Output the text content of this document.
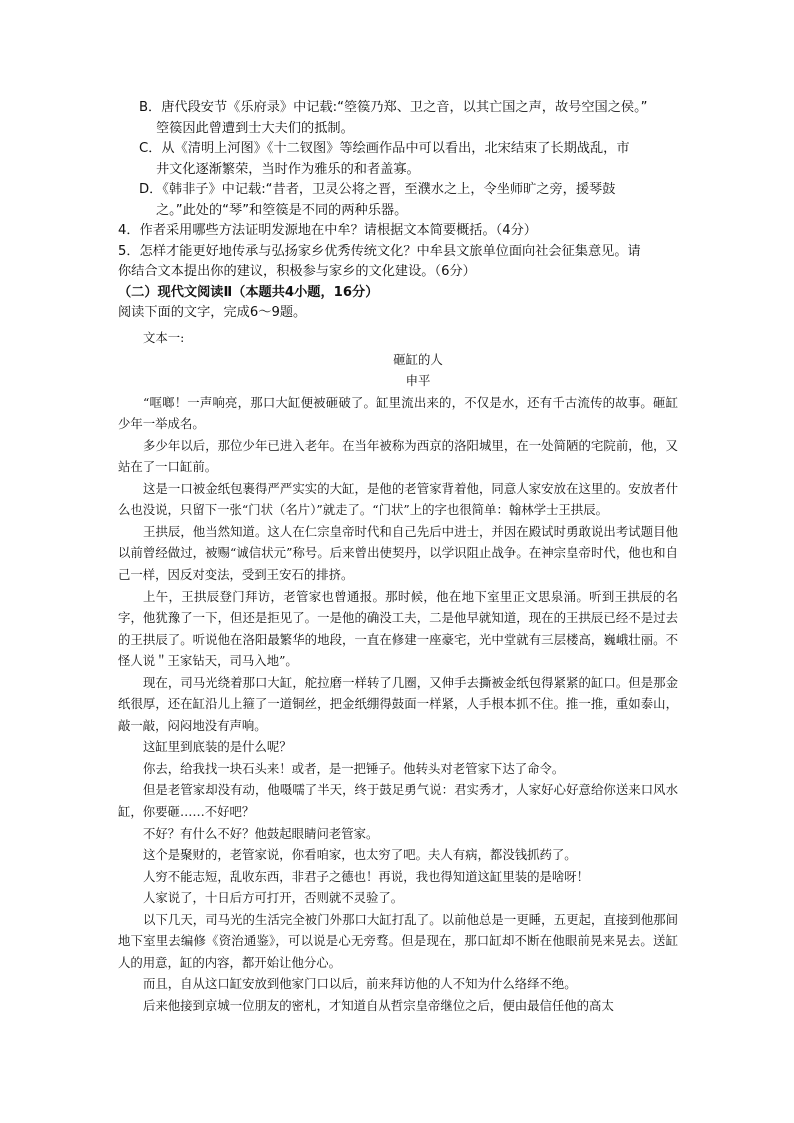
B．唐代段安节《乐府录》中记载:“箜篌乃郑、卫之音，以其亡国之声，故号空国之侯。”

箜篌因此曾遭到士大夫们的抵制。

C．从《清明上河图》《十二钗图》等绘画作品中可以看出，北宋结束了长期战乱，市

井文化逐渐繁荣，当时作为雅乐的和者盖寡。

D．《韩非子》中记载:“昔者，卫灵公将之晋，至濮水之上，令坐师旷之旁，援琴鼓

之。”此处的“琴”和箜篌是不同的两种乐器。

4．作者采用哪些方法证明发源地在中牟？请根据文本简要概括。（4分）

5．怎样才能更好地传承与弘扬家乡优秀传统文化？中牟县文旅单位面向社会征集意见。请

你结合文本提出你的建议，积极参与家乡的文化建设。（6分）

（二）现代文阅读Ⅱ（本题共4小题，16分）

阅读下面的文字，完成6～9题。

文本一:

砸缸的人

申平

“哐啷！一声响亮，那口大缸便被砸破了。缸里流出来的，不仅是水，还有千古流传的故事。砸缸少年一举成名。

多少年以后，那位少年已进入老年。在当年被称为西京的洛阳城里，在一处简陋的宅院前，他，又站在了一口缸前。

这是一口被金纸包裹得严严实实的大缸，是他的老管家背着他，同意人家安放在这里的。安放者什么也没说，只留下一张“门状（名片）”就走了。“门状”上的字也很简单：翰林学士王拱辰。

王拱辰，他当然知道。这人在仁宗皇帝时代和自己先后中进士，并因在殿试时勇敢说出考试题目他以前曾经做过，被赐“诚信状元”称号。后来曾出使契丹，以学识阻止战争。在神宗皇帝时代，他也和自己一样，因反对变法，受到王安石的排挤。

上午，王拱辰登门拜访，老管家也曾通报。那时候，他在地下室里正文思泉涌。听到王拱辰的名字，他犹豫了一下，但还是拒见了。一是他的确没工夫，二是他早就知道，现在的王拱辰已经不是过去的王拱辰了。听说他在洛阳最繁华的地段，一直在修建一座豪宅，光中堂就有三层楼高，巍峨壮丽。不怪人说＂王家钻天，司马入地”。

现在，司马光绕着那口大缸，舵拉磨一样转了几圈，又伸手去撕被金纸包得紧紧的缸口。但是那金纸很厚，还在缸沿儿上箍了一道铜丝，把金纸绷得鼓面一样紧，人手根本抓不住。推一推，重如泰山，敲一敲，闷闷地没有声响。

这缸里到底装的是什么呢？

你去，给我找一块石头来！或者，是一把锤子。他转头对老管家下达了命令。

但是老管家却没有动，他嗫嚅了半天，终于鼓足勇气说：君实秀才，人家好心好意给你送来口风水缸，你要砸……不好吧？

不好？有什么不好？他鼓起眼睛问老管家。

这个是聚财的，老管家说，你看咱家，也太穷了吧。夫人有病，都没钱抓药了。

人穷不能志短，乱收东西，非君子之德也！再说，我也得知道这缸里装的是啥呀！

人家说了，十日后方可打开，否则就不灵验了。

以下几天，司马光的生活完全被门外那口大缸打乱了。以前他总是一更睡，五更起，直接到他那间地下室里去编修《资治通鉴》，可以说是心无旁骛。但是现在，那口缸却不断在他眼前晃来晃去。送缸人的用意，缸的内容，都开始让他分心。

而且，自从这口缸安放到他家门口以后，前来拜访他的人不知为什么络绎不绝。

后来他接到京城一位朋友的密札，才知道自从哲宗皇帝继位之后，便由最信任他的高太
